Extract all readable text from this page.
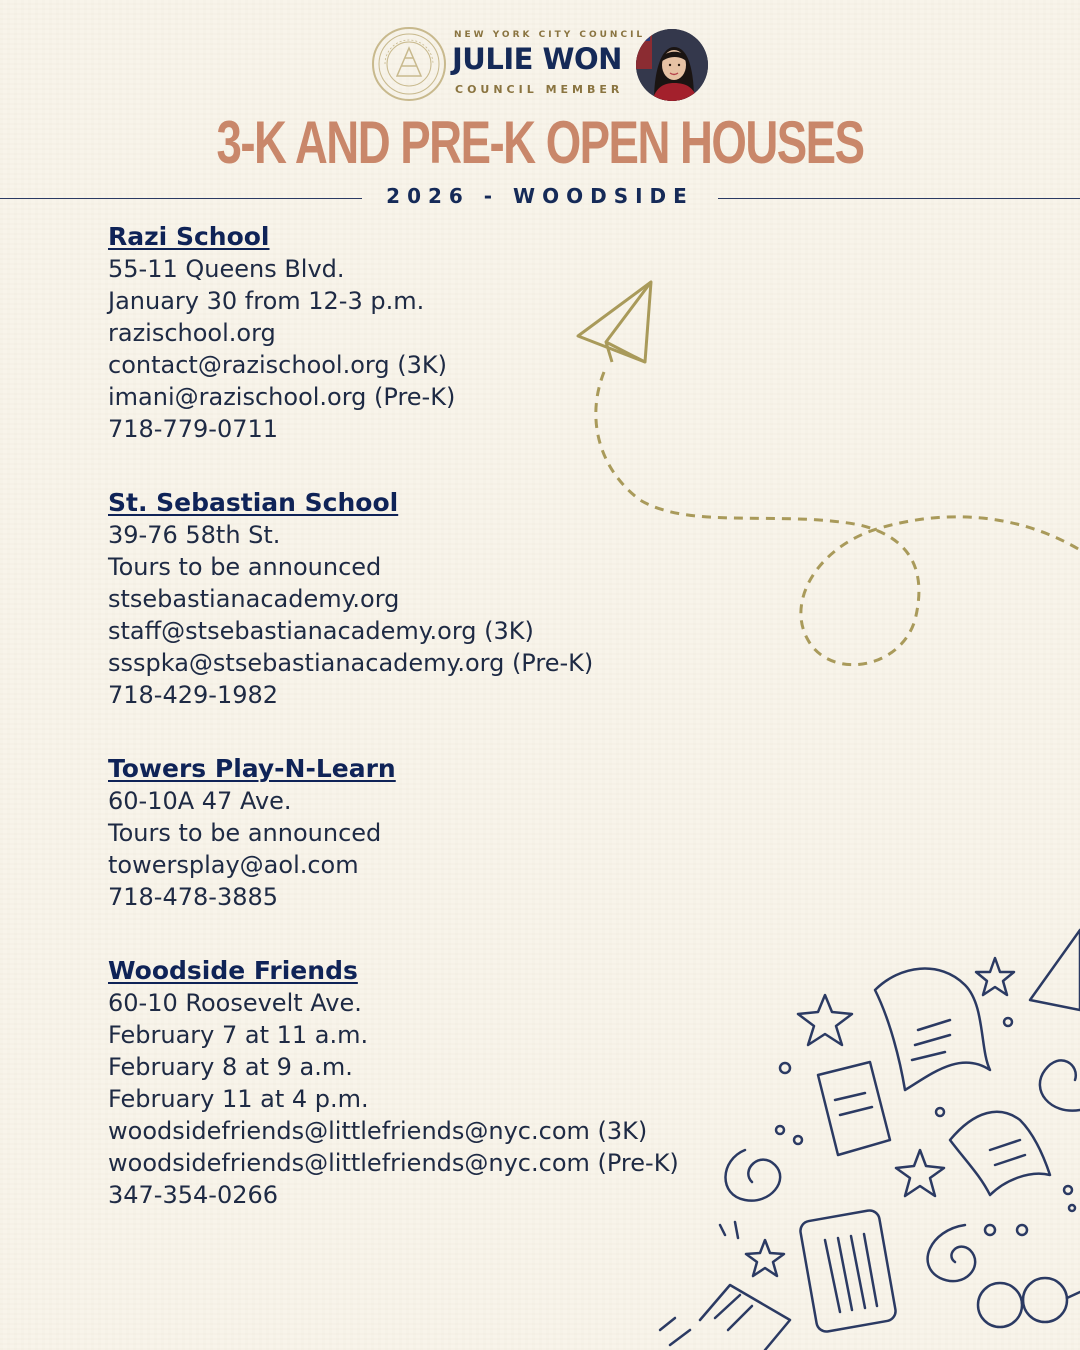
NEW YORK CITY COUNCIL
JULIE WON
COUNCIL MEMBER
3-K AND PRE-K OPEN HOUSES
2026 - WOODSIDE
Razi School
55-11 Queens Blvd.
January 30 from 12-3 p.m.
razischool.org
contact@razischool.org (3K)
imani@razischool.org (Pre-K)
718-779-0711
St. Sebastian School
39-76 58th St.
Tours to be announced
stsebastianacademy.org
staff@stsebastianacademy.org (3K)
ssspka@stsebastianacademy.org (Pre-K)
718-429-1982
Towers Play-N-Learn
60-10A 47 Ave.
Tours to be announced
towersplay@aol.com
718-478-3885
Woodside Friends
60-10 Roosevelt Ave.
February 7 at 11 a.m.
February 8 at 9 a.m.
February 11 at 4 p.m.
woodsidefriends@littlefriends@nyc.com (3K)
woodsidefriends@littlefriends@nyc.com (Pre-K)
347-354-0266
